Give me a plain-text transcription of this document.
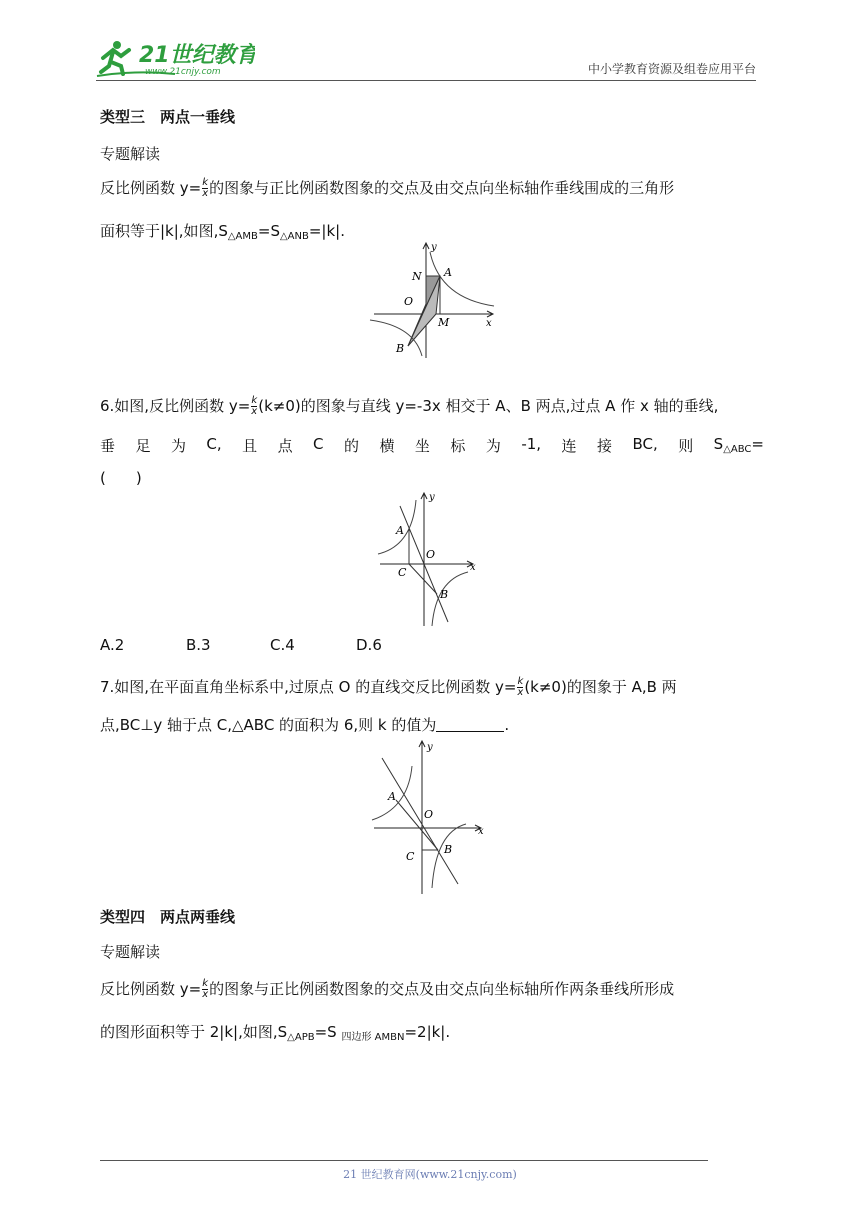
21世纪教育
www.21cnjy.com	中小学教育资源及组卷应用平台
类型三　两点一垂线
专题解读
反比例函数 $y= \frac{k}{x}$ 的图象与正比例函数图象的交点及由交点向坐标轴作垂线围成的三角形
面积等于|k|,如图$,S_{\triangle AMB}=S_{\triangle ANB}=|k|$.
y
x
N A
O
M
B
6.如图,反比例函数 $y= \frac{k}{x} (k\ne 0)$的图象与直线 y=-3x 相交于 A、B 两点,过点 A 作 x 轴的垂线,
垂 足 为 C, 且 点 C 的 横 坐 标 为 -1, 连 接 BC, 则 $S_{\triangle ABC}=$
(　　)
y
x
A
O
C
B
A.2	B.3	C.4	D.6
7.如图,在平面直角坐标系中,过原点 O 的直线交反比例函数 $y= \frac{k}{x} (k\ne 0)$的图象于 A,B 两
点,BC⊥y 轴于点 C,△ABC 的面积为 6,则 k 的值为	.
y
x
A
O
C
B
类型四　两点两垂线
专题解读
反比例函数 $y= \frac{k}{x}$ 的图象与正比例函数图象的交点及由交点向坐标轴所作两条垂线所形成
的图形面积等于 2|k|,如图$,S_{\triangle APB}=S$ $_{四边形 AMBN}$=2|k|.
21 世纪教育网(www.21cnjy.com)
